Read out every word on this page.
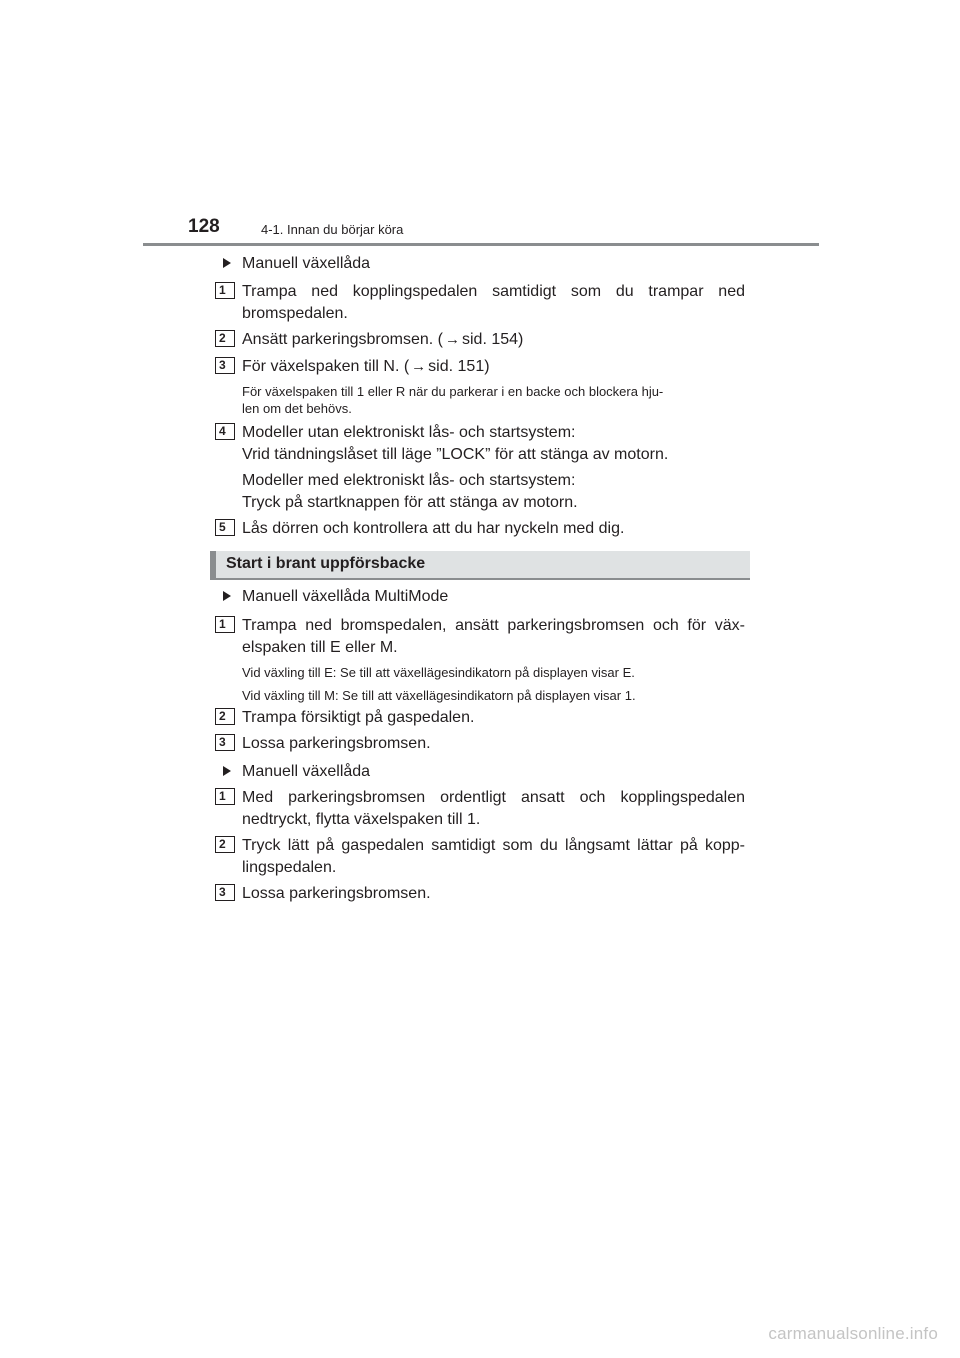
128	4-1. Innan du börjar köra
Manuell växellåda
1	Trampa ned kopplingspedalen samtidigt som du trampar ned
bromspedalen.
2	Ansätt parkeringsbromsen. ( → sid. 154)
3	För växelspaken till N. ( → sid. 151)
För växelspaken till 1 eller R när du parkerar i en backe och blockera hju-
len om det behövs.
4	Modeller utan elektroniskt lås- och startsystem:
Vrid tändningslåset till läge ”LOCK” för att stänga av motorn.
Modeller med elektroniskt lås- och startsystem:
Tryck på startknappen för att stänga av motorn.
5	Lås dörren och kontrollera att du har nyckeln med dig.
Start i brant uppförsbacke
Manuell växellåda MultiMode
1	Trampa ned bromspedalen, ansätt parkeringsbromsen och för väx-
elspaken till E eller M.
Vid växling till E: Se till att växellägesindikatorn på displayen visar E.
Vid växling till M: Se till att växellägesindikatorn på displayen visar 1.
2	Trampa försiktigt på gaspedalen.
3	Lossa parkeringsbromsen.
Manuell växellåda
1	Med parkeringsbromsen ordentligt ansatt och kopplingspedalen
nedtryckt, flytta växelspaken till 1.
2	Tryck lätt på gaspedalen samtidigt som du långsamt lättar på kopp-
lingspedalen.
3	Lossa parkeringsbromsen.
carmanualsonline.info
